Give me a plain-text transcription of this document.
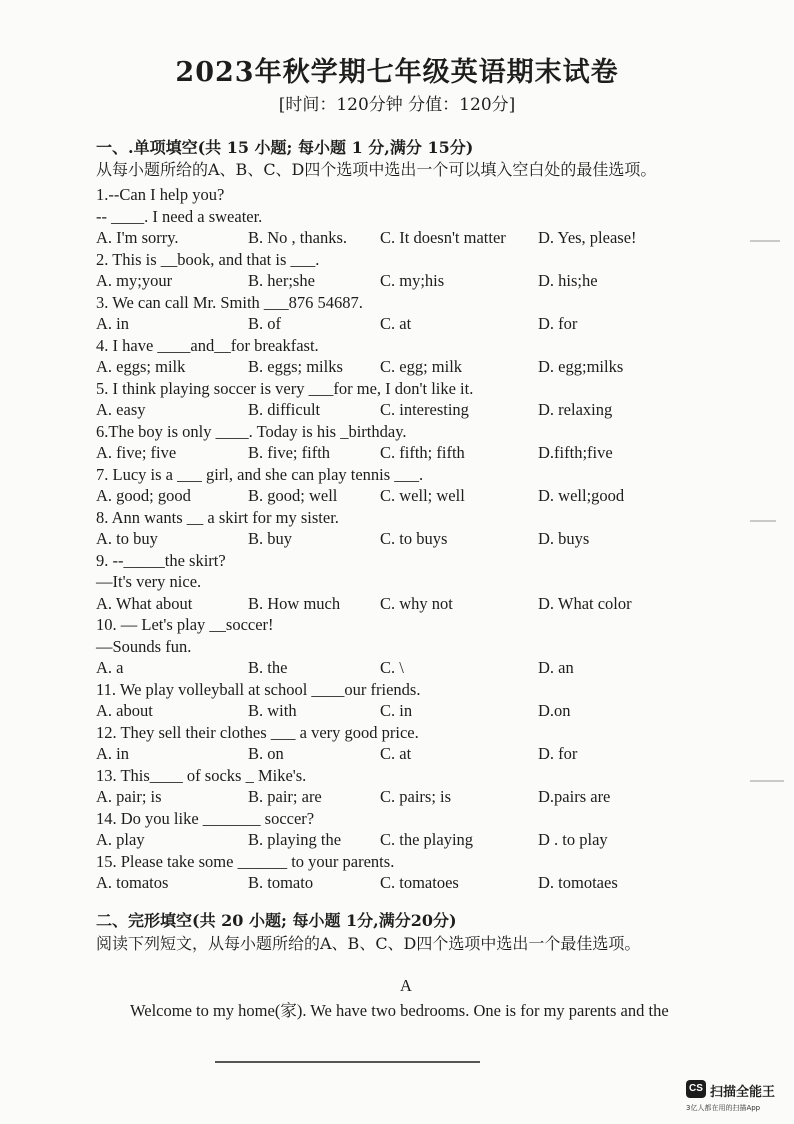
2023年秋学期七年级英语期末试卷
[时间：120分钟 分值：120分]
一、.单项填空(共 15 小题; 每小题 1 分,满分 15分)
从每小题所给的A、B、C、D四个选项中选出一个可以填入空白处的最佳选项。
1.--Can I help you?
-- ____. I need a sweater.
A. I'm sorry.	B. No , thanks. C. It doesn't matter D. Yes, please!
2. This is __book, and that is ___.
A. my;your	B. her;she	C. my;his	D. his;he
3. We can call Mr. Smith ___876 54687.
A. in	B. of	C. at	D. for
4. I have ____and__for breakfast.
A. eggs; milk	B. eggs; milks C. egg; milk	D. egg;milks
5. I think playing soccer is very ___for me, I don't like it.
A. easy	B. difficult	C. interesting	D. relaxing
6.The boy is only ____. Today is his _birthday.
A. five; five	B. five; fifth	C. fifth; fifth	D.fifth;five
7. Lucy is a ___ girl, and she can play tennis ___.
A. good; good	B. good; well	C. well; well	D. well;good
8. Ann wants __ a skirt for my sister.
A. to buy	B. buy	C. to buys	D. buys
9. --_____the skirt?
—It's very nice.
A. What about	B. How much C. why not	D. What color
10. — Let's play __soccer!
—Sounds fun.
A. a	B. the	C. \	D. an
11. We play volleyball at school ____our friends.
A. about	B. with	C. in	D.on
12. They sell their clothes ___ a very good price.
A. in	B. on	C. at	D. for
13. This____ of socks _ Mike's.
A. pair; is	B. pair; are	C. pairs; is	D.pairs are
14. Do you like _______ soccer?
A. play	B. playing the C. the playing	D . to play
15. Please take some ______ to your parents.
A. tomatos	B. tomato	C. tomatoes	D. tomotaes
二、完形填空(共 20 小题; 每小题 1分,满分20分)
阅读下列短文，从每小题所给的A、B、C、D四个选项中选出一个最佳选项。
A
Welcome to my home(家). We have two bedrooms. One is for my parents and the
CS 扫描全能王
3亿人都在用的扫描App
